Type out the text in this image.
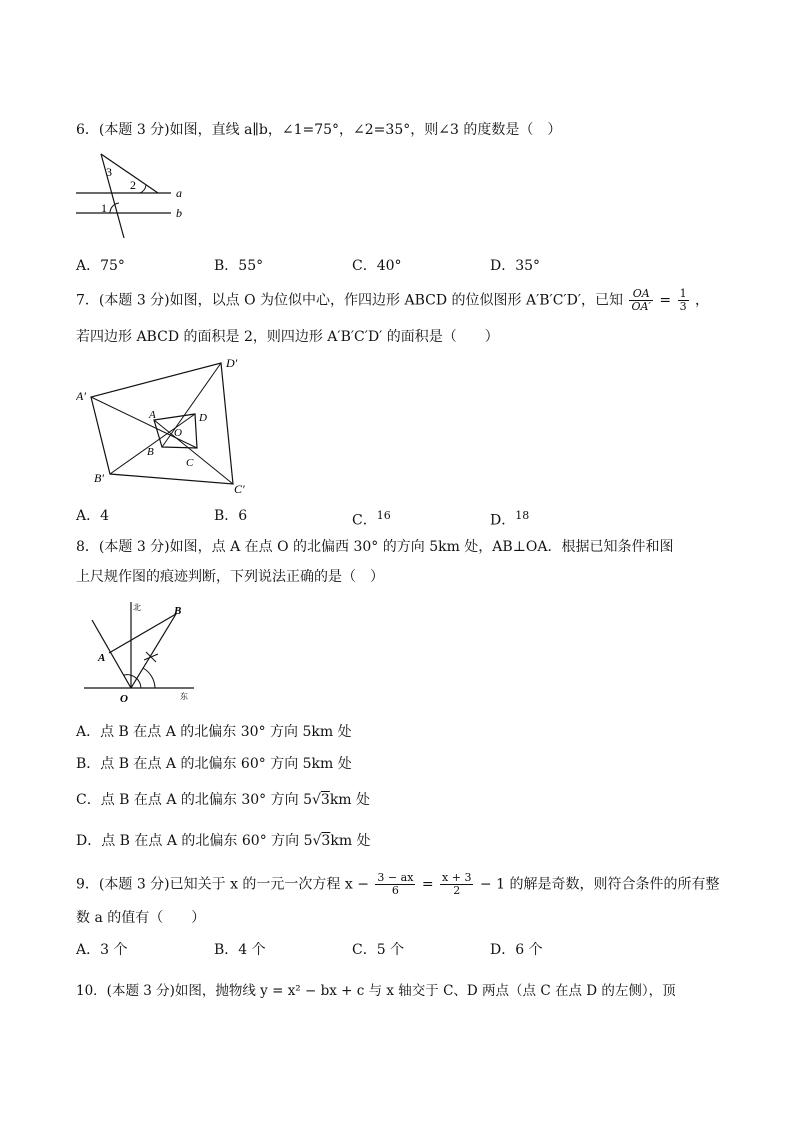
6．(本题 3 分)如图，直线 a∥b，∠1=75°，∠2=35°，则∠3 的度数是（　）
3
2
1
a
b
A．75°	B．55°	C．40°	D．35°
7．(本题 3 分)如图，以点 O 为位似中心，作四边形 ABCD 的位似图形 A′B′C′D′，已知 $\frac{OA}{OA'} = \frac{1}{3}$ ，
若四边形 ABCD 的面积是 2，则四边形 A′B′C′D′ 的面积是（　　）
A′
B′
C′
D′
A
B
C
D
O
A．4	B．6	C．$^{16}$	D．$^{18}$
8．(本题 3 分)如图，点 A 在点 O 的北偏西 30° 的方向 5km 处，AB⊥OA．根据已知条件和图
上尺规作图的痕迹判断，下列说法正确的是（　）
北
东
A
B
O
A．点 B 在点 A 的北偏东 30° 方向 5km 处
B．点 B 在点 A 的北偏东 60° 方向 5km 处
C．点 B 在点 A 的北偏东 30° 方向 5√3km 处
D．点 B 在点 A 的北偏东 60° 方向 5√3km 处
9．(本题 3 分)已知关于 x 的一元一次方程 $x - \frac{3 - ax}{6} = \frac{x + 3}{2} - 1$ 的解是奇数，则符合条件的所有整
数 a 的值有（　　）
A．3 个	B．4 个	C．5 个	D．6 个
10．(本题 3 分)如图，抛物线 y = x² − bx + c 与 x 轴交于 C、D 两点（点 C 在点 D 的左侧），顶
